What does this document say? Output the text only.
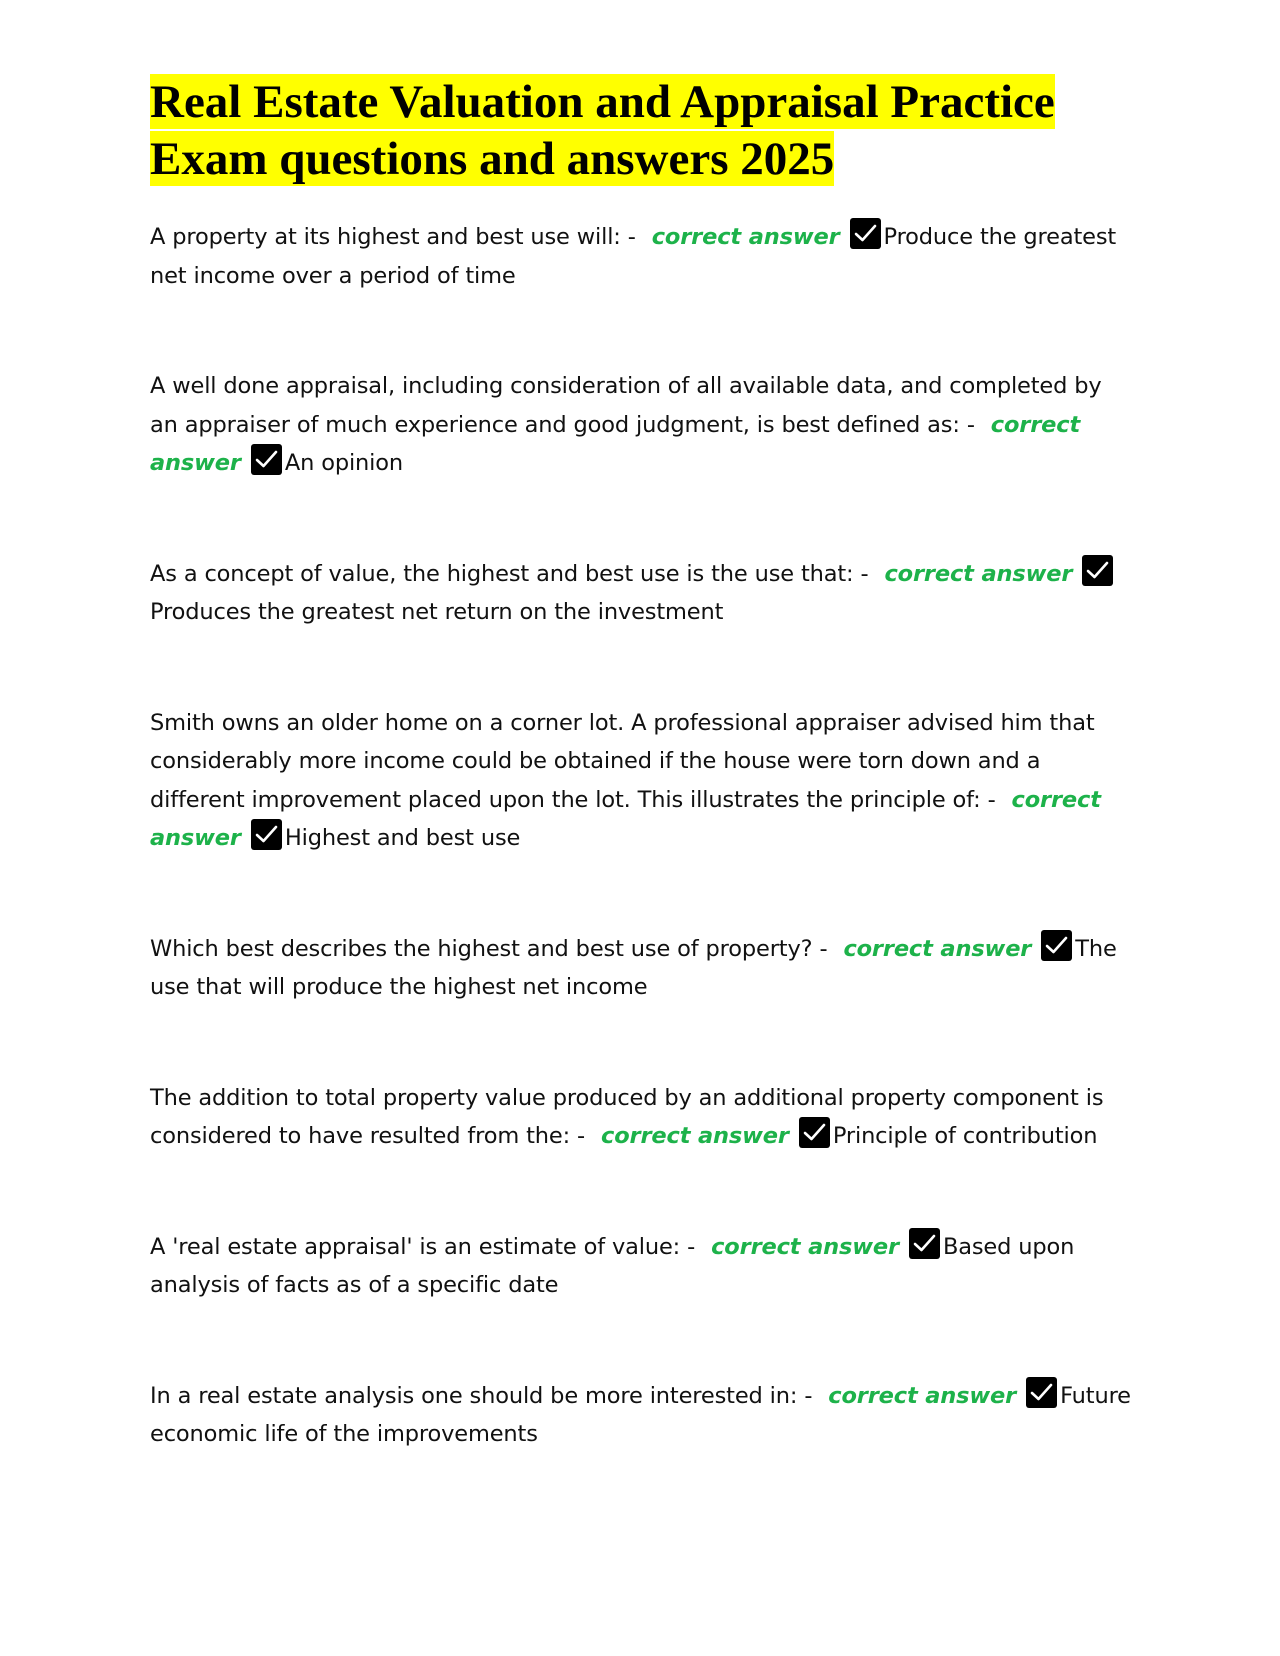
Real Estate Valuation and Appraisal Practice Exam questions and answers 2025

A property at its highest and best use will: - correct answer Produce the greatest net income over a period of time

A well done appraisal, including consideration of all available data, and completed by an appraiser of much experience and good judgment, is best defined as: - correct answer An opinion

As a concept of value, the highest and best use is the use that: - correct answer
Produces the greatest net return on the investment

Smith owns an older home on a corner lot. A professional appraiser advised him that considerably more income could be obtained if the house were torn down and a different improvement placed upon the lot. This illustrates the principle of: - correct answer Highest and best use

Which best describes the highest and best use of property? - correct answer The use that will produce the highest net income

The addition to total property value produced by an additional property component is considered to have resulted from the: - correct answer Principle of contribution

A 'real estate appraisal' is an estimate of value: - correct answer Based upon analysis of facts as of a specific date

In a real estate analysis one should be more interested in: - correct answer Future economic life of the improvements
